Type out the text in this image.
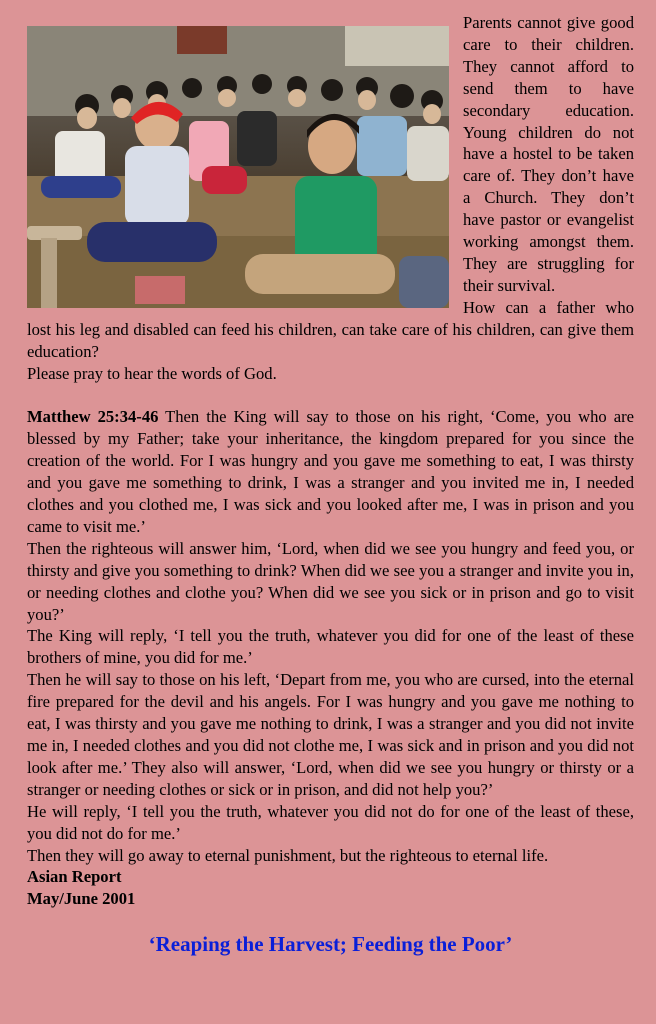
Parents cannot give good care to their children. They cannot afford to send them to have secondary education. Young children do not have a hostel to be taken care of. They don’t have a Church. They don’t have pastor or evangelist working amongst them. They are struggling for their survival.

How can a father who lost his leg and disabled can feed his children, can take care of his children, can give them education?

Please pray to hear the words of God.

Matthew 25:34-46 Then the King will say to those on his right, ‘Come, you who are blessed by my Father; take your inheritance, the kingdom prepared for you since the creation of the world. For I was hungry and you gave me something to eat, I was thirsty and you gave me something to drink, I was a stranger and you invited me in, I needed clothes and you clothed me, I was sick and you looked after me, I was in prison and you came to visit me.’

Then the righteous will answer him, ‘Lord, when did we see you hungry and feed you, or thirsty and give you something to drink? When did we see you a stranger and invite you in, or needing clothes and clothe you? When did we see you sick or in prison and go to visit you?’

The King will reply, ‘I tell you the truth, whatever you did for one of the least of these brothers of mine, you did for me.’

Then he will say to those on his left, ‘Depart from me, you who are cursed, into the eternal fire prepared for the devil and his angels. For I was hungry and you gave me nothing to eat, I was thirsty and you gave me nothing to drink, I was a stranger and you did not invite me in, I needed clothes and you did not clothe me, I was sick and in prison and you did not look after me.’ They also will answer, ‘Lord, when did we see you hungry or thirsty or a stranger or needing clothes or sick or in prison, and did not help you?’

He will reply, ‘I tell you the truth, whatever you did not do for one of the least of these, you did not do for me.’

Then they will go away to eternal punishment, but the righteous to eternal life.

Asian Report
May/June 2001
‘Reaping the Harvest; Feeding the Poor’
